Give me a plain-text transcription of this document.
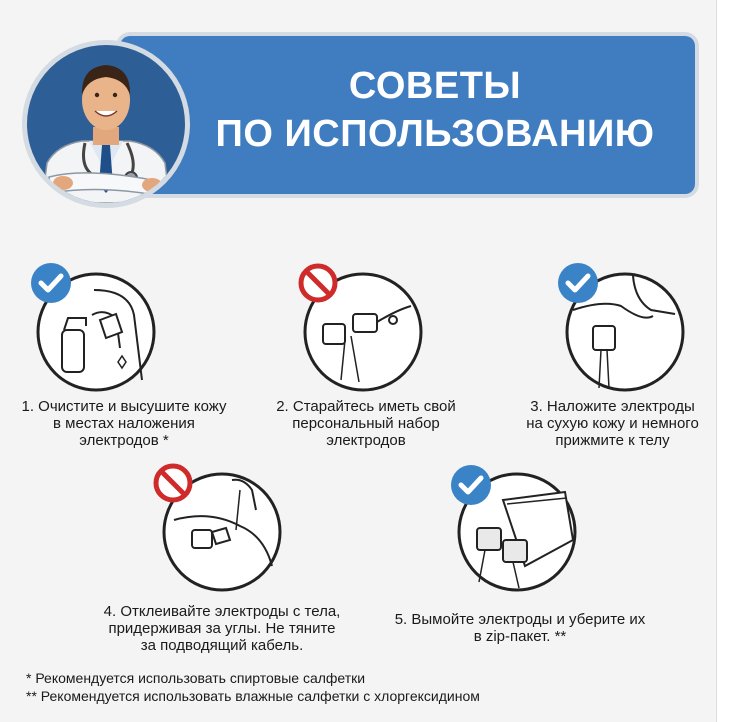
СОВЕТЫ
ПО ИСПОЛЬЗОВАНИЮ
1. Очистите и высушите кожу
в местах наложения
электродов *
2. Старайтесь иметь свой
персональный набор
электродов
3. Наложите электроды
на сухую кожу и немного
прижмите к телу
4. Отклеивайте электроды с тела,
придерживая за углы. Не тяните
за подводящий кабель.
5. Вымойте электроды и уберите их
в zip-пакет. **
* Рекомендуется использовать спиртовые салфетки
** Рекомендуется использовать влажные салфетки с хлоргексидином
